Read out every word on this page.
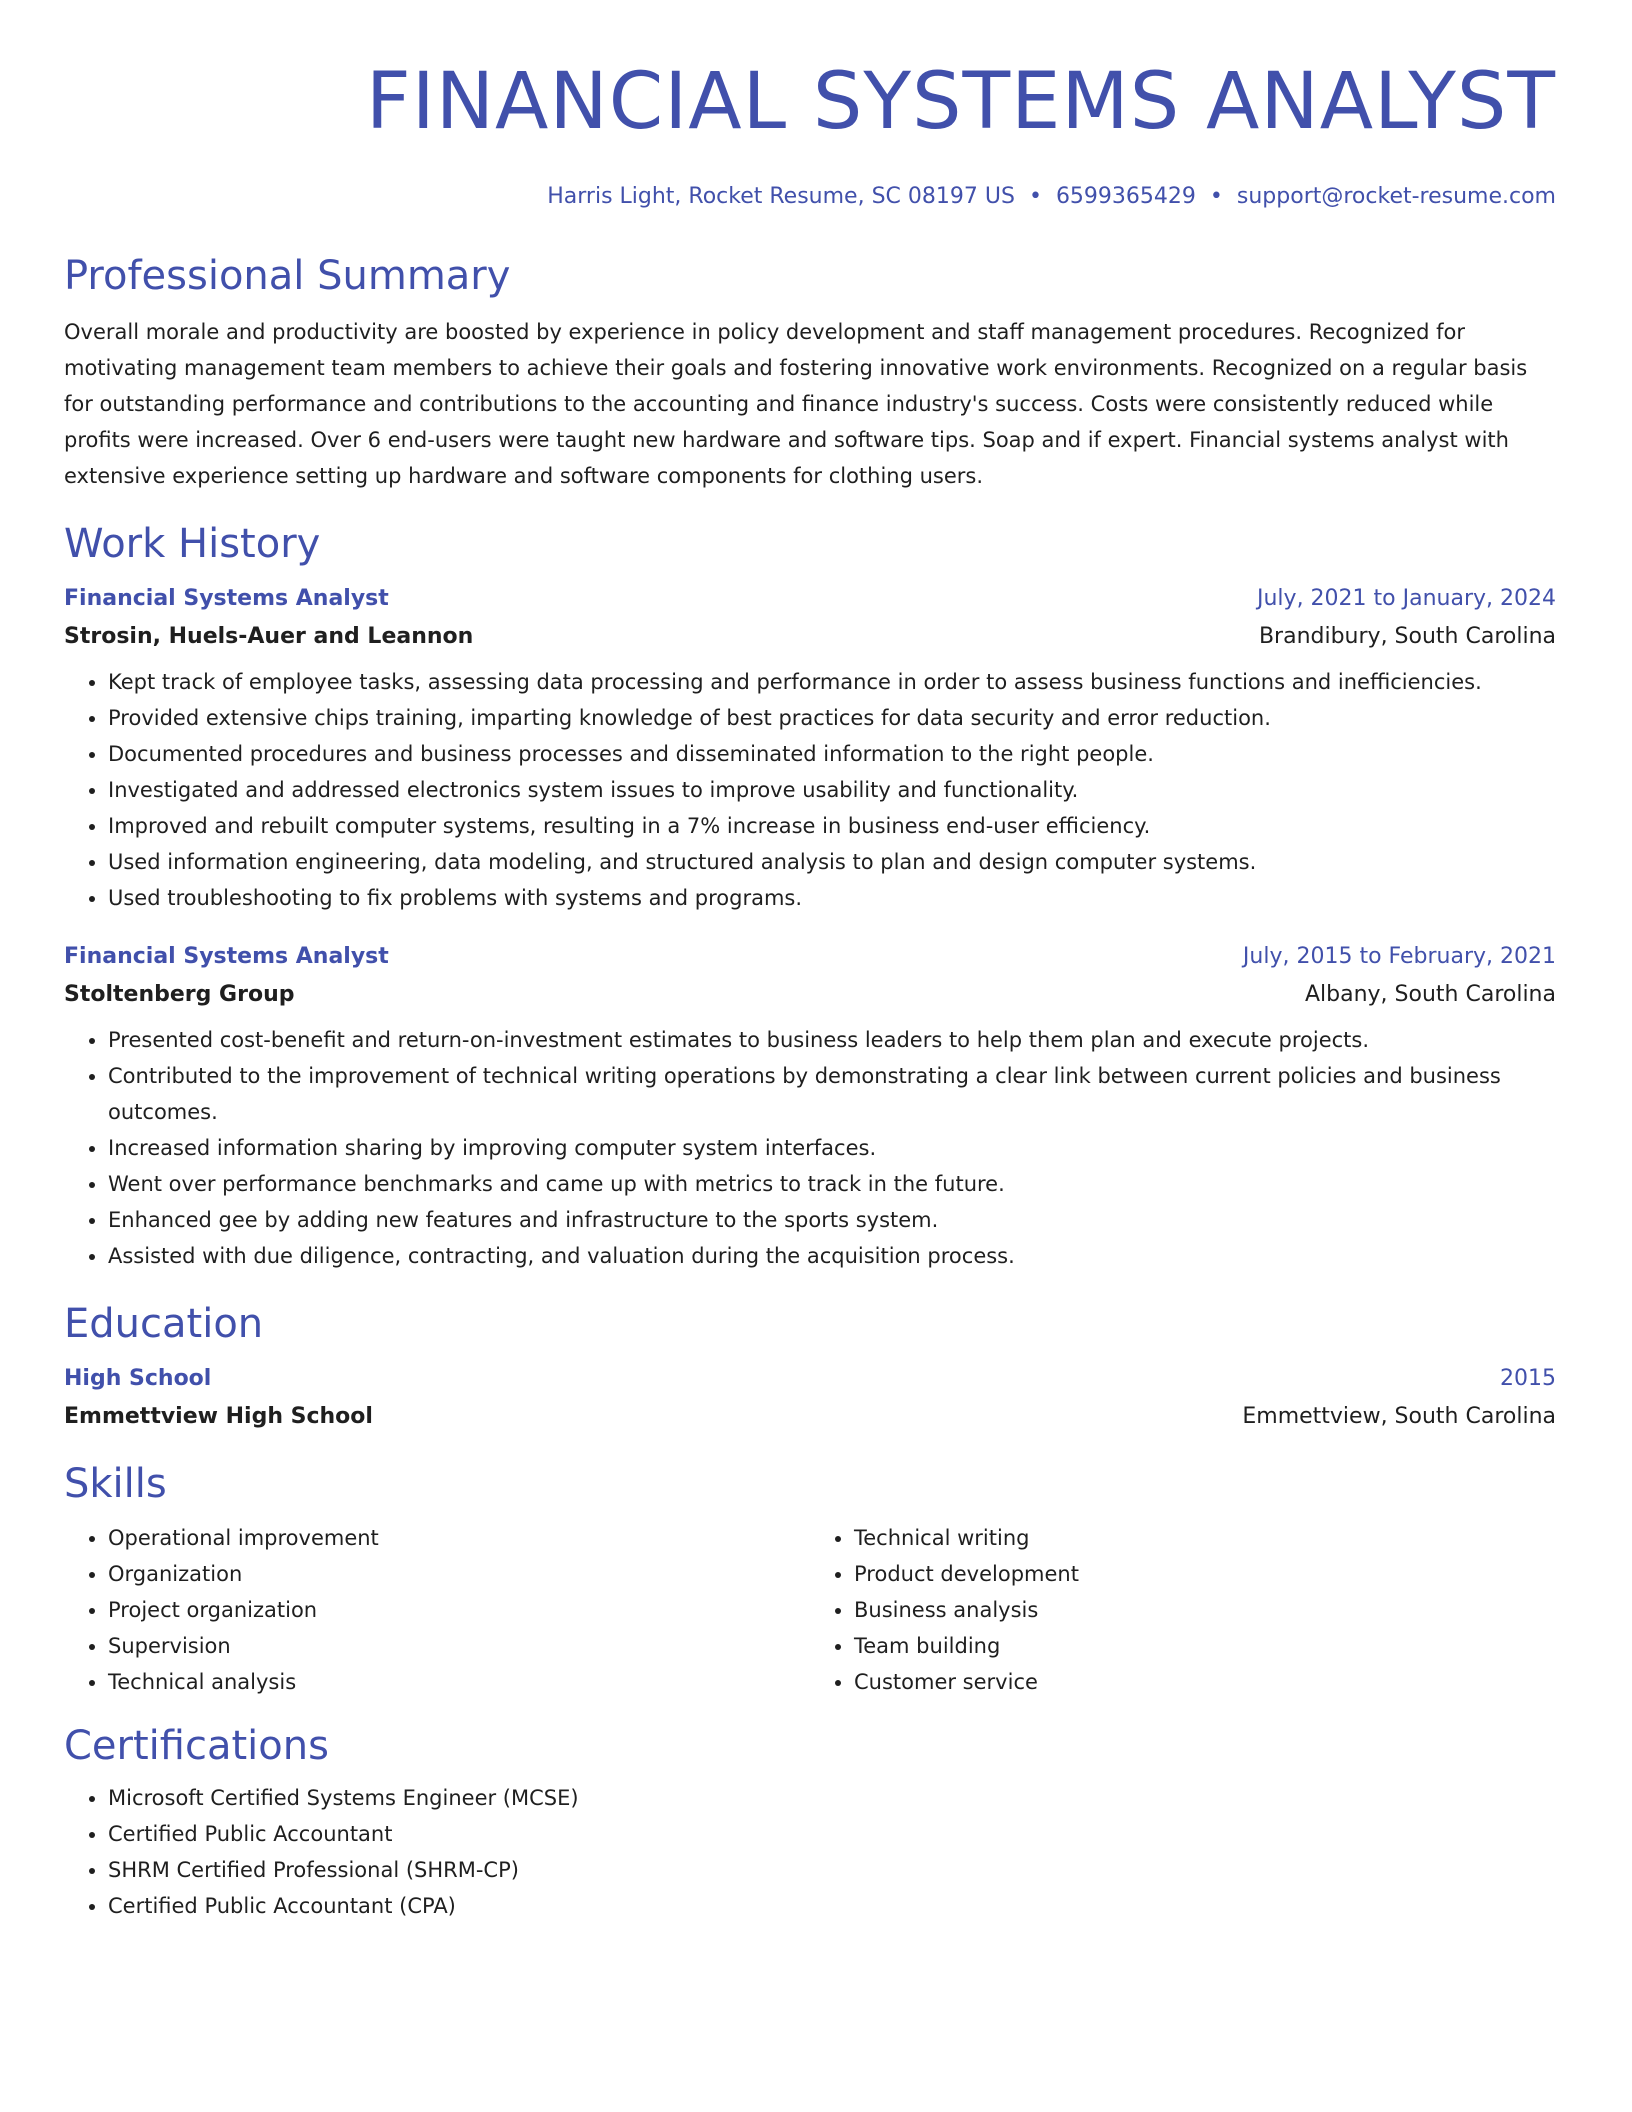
FINANCIAL SYSTEMS ANALYST
Harris Light, Rocket Resume, SC 08197 US • 6599365429 • support@rocket-resume.com
Professional Summary

Overall morale and productivity are boosted by experience in policy development and staff management procedures. Recognized for motivating management team members to achieve their goals and fostering innovative work environments. Recognized on a regular basis for outstanding performance and contributions to the accounting and finance industry's success. Costs were consistently reduced while profits were increased. Over 6 end-users were taught new hardware and software tips. Soap and if expert. Financial systems analyst with extensive experience setting up hardware and software components for clothing users.

Work History
Financial Systems Analyst	July, 2021 to January, 2024
Strosin, Huels-Auer and Leannon	Brandibury, South Carolina
• Kept track of employee tasks, assessing data processing and performance in order to assess business functions and inefficiencies.
• Provided extensive chips training, imparting knowledge of best practices for data security and error reduction.
• Documented procedures and business processes and disseminated information to the right people.
• Investigated and addressed electronics system issues to improve usability and functionality.
• Improved and rebuilt computer systems, resulting in a 7% increase in business end-user efficiency.
• Used information engineering, data modeling, and structured analysis to plan and design computer systems.
• Used troubleshooting to fix problems with systems and programs.
Financial Systems Analyst	July, 2015 to February, 2021
Stoltenberg Group	Albany, South Carolina
• Presented cost-benefit and return-on-investment estimates to business leaders to help them plan and execute projects.
• Contributed to the improvement of technical writing operations by demonstrating a clear link between current policies and business outcomes.
• Increased information sharing by improving computer system interfaces.
• Went over performance benchmarks and came up with metrics to track in the future.
• Enhanced gee by adding new features and infrastructure to the sports system.
• Assisted with due diligence, contracting, and valuation during the acquisition process.
Education
High School	2015
Emmettview High School	Emmettview, South Carolina
Skills
• Operational improvement
• Organization
• Project organization
• Supervision
• Technical analysis
• Technical writing
• Product development
• Business analysis
• Team building
• Customer service
Certifications
• Microsoft Certified Systems Engineer (MCSE)
• Certified Public Accountant
• SHRM Certified Professional (SHRM-CP)
• Certified Public Accountant (CPA)
